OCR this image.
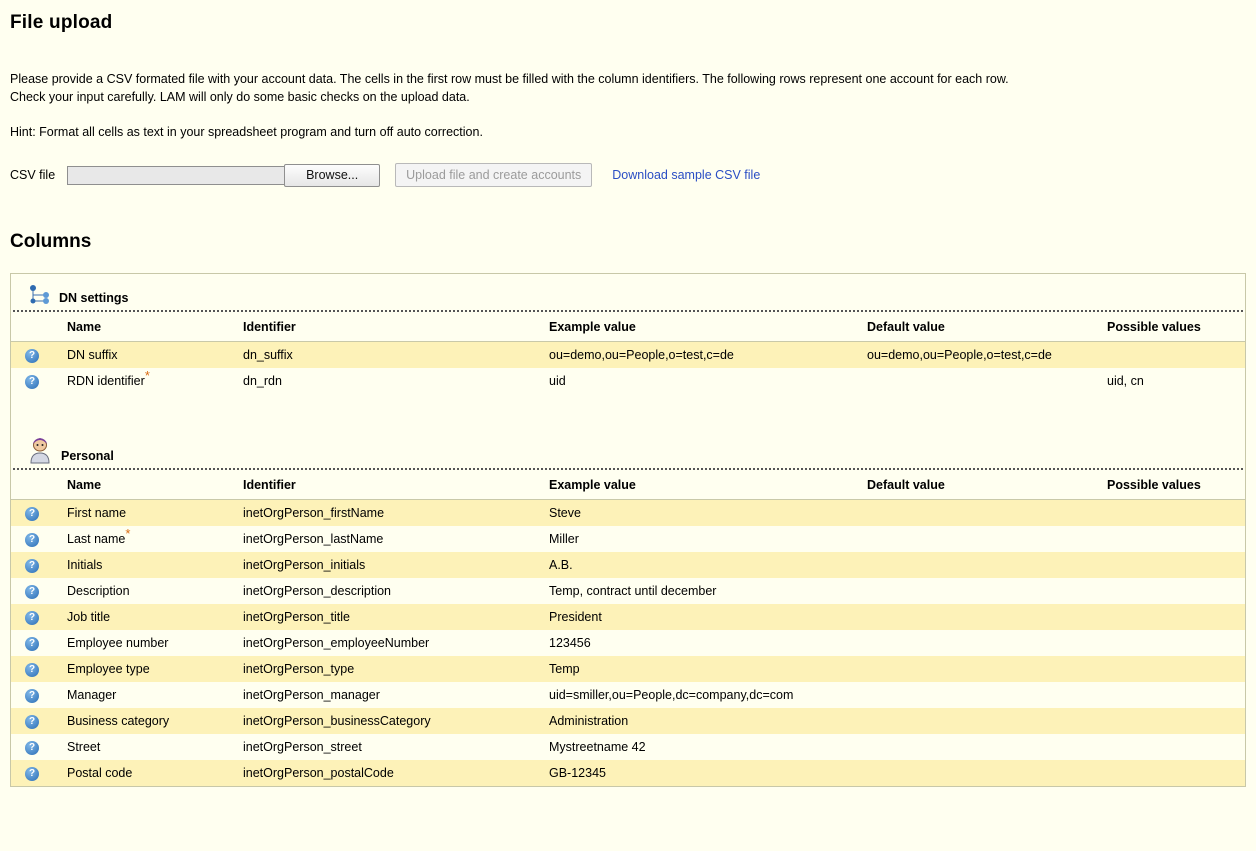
File upload

Please provide a CSV formated file with your account data. The cells in the first row must be filled with the column identifiers. The following rows represent one account for each row.

Check your input carefully. LAM will only do some basic checks on the upload data.

Hint: Format all cells as text in your spreadsheet program and turn off auto correction.
CSV file	Browse...	Upload file and create accounts	Download sample CSV file
Columns
DN settings
	Name	Identifier	Example value	Default value	Possible values
?	DN suffix	dn_suffix	ou=demo,ou=People,o=test,c=de	ou=demo,ou=People,o=test,c=de	
?	RDN identifier*	dn_rdn	uid		uid, cn

Personal
	Name	Identifier	Example value	Default value	Possible values
?	First name	inetOrgPerson_firstName	Steve		
?	Last name*	inetOrgPerson_lastName	Miller		
?	Initials	inetOrgPerson_initials	A.B.		
?	Description	inetOrgPerson_description	Temp, contract until december		
?	Job title	inetOrgPerson_title	President		
?	Employee number	inetOrgPerson_employeeNumber	123456		
?	Employee type	inetOrgPerson_type	Temp		
?	Manager	inetOrgPerson_manager	uid=smiller,ou=People,dc=company,dc=com		
?	Business category	inetOrgPerson_businessCategory	Administration		
?	Street	inetOrgPerson_street	Mystreetname 42		
?	Postal code	inetOrgPerson_postalCode	GB-12345		
